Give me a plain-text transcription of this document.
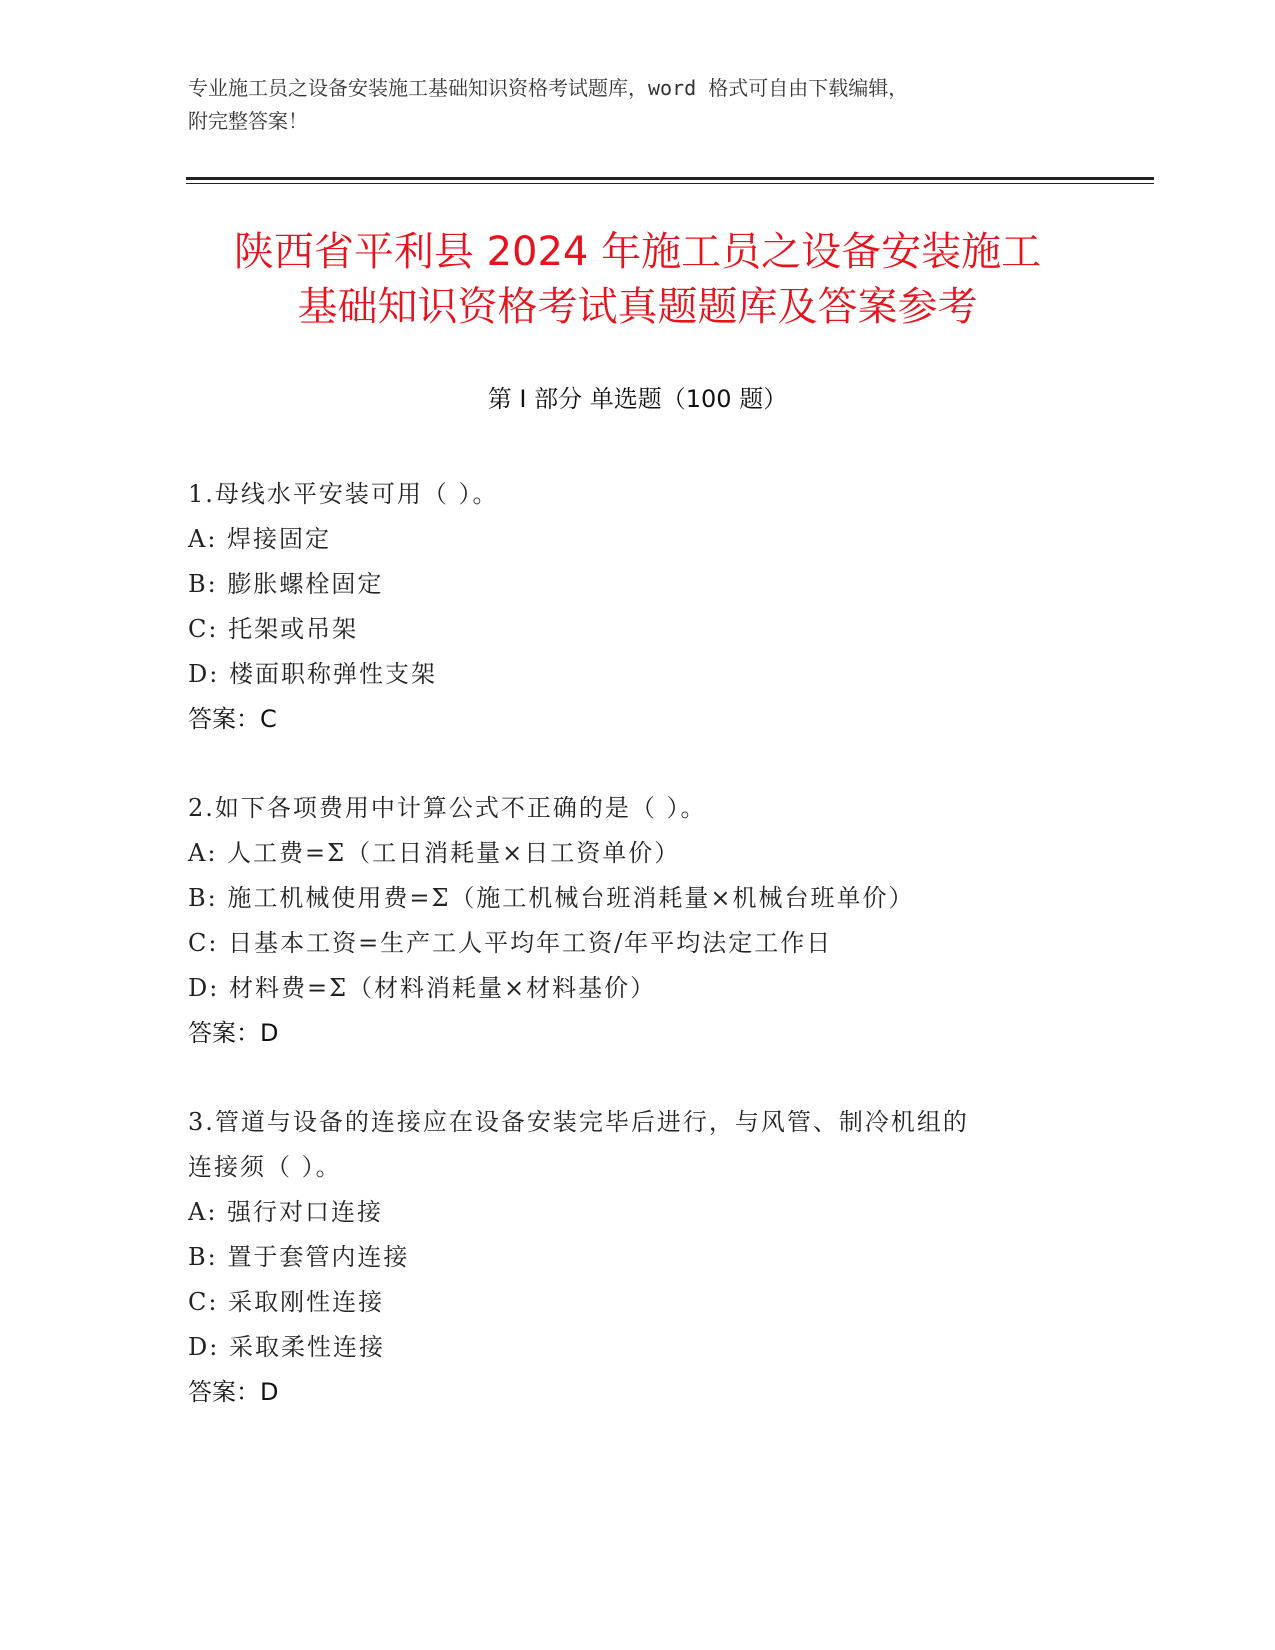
专业施工员之设备安装施工基础知识资格考试题库，word 格式可自由下载编辑，
附完整答案！
陕西省平利县 2024 年施工员之设备安装施工
基础知识资格考试真题题库及答案参考
第 I 部分 单选题（100 题）
1.母线水平安装可用（ ）。
A: 焊接固定
B: 膨胀螺栓固定
C: 托架或吊架
D: 楼面职称弹性支架
答案：C
2.如下各项费用中计算公式不正确的是（ ）。
A: 人工费=Σ（工日消耗量×日工资单价）
B: 施工机械使用费=Σ（施工机械台班消耗量×机械台班单价）
C: 日基本工资=生产工人平均年工资/年平均法定工作日
D: 材料费=Σ（材料消耗量×材料基价）
答案：D
3.管道与设备的连接应在设备安装完毕后进行，与风管、制冷机组的
连接须（ ）。
A: 强行对口连接
B: 置于套管内连接
C: 采取刚性连接
D: 采取柔性连接
答案：D
